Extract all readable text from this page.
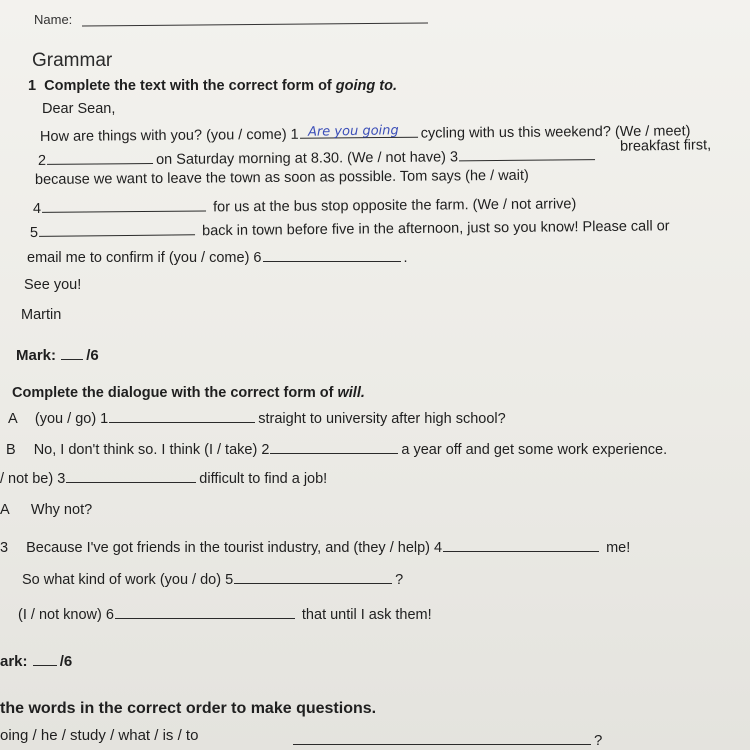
Name:
Grammar
1 Complete the text with the correct form of going to.
Dear Sean,
How are things with you? (you / come) 1	cycling with us this weekend? (We / meet)
Are you going
2	on Saturday morning at 8.30. (We / not have) 3
breakfast first,
because we want to leave the town as soon as possible. Tom says (he / wait)
4	for us at the bus stop opposite the farm. (We / not arrive)
5	back in town before five in the afternoon, just so you know! Please call or
email me to confirm if (you / come) 6	.
See you!
Martin
Mark: /6
Complete the dialogue with the correct form of will.
A (you / go) 1	straight to university after high school?
B No, I don't think so. I think (I / take) 2	a year off and get some work experience.
/ not be) 3	difficult to find a job!
A Why not?
3 Because I've got friends in the tourist industry, and (they / help) 4	me!
So what kind of work (you / do) 5	?
(I / not know) 6	that until I ask them!
ark: /6
the words in the correct order to make questions.
oing / he / study / what / is / to	?
